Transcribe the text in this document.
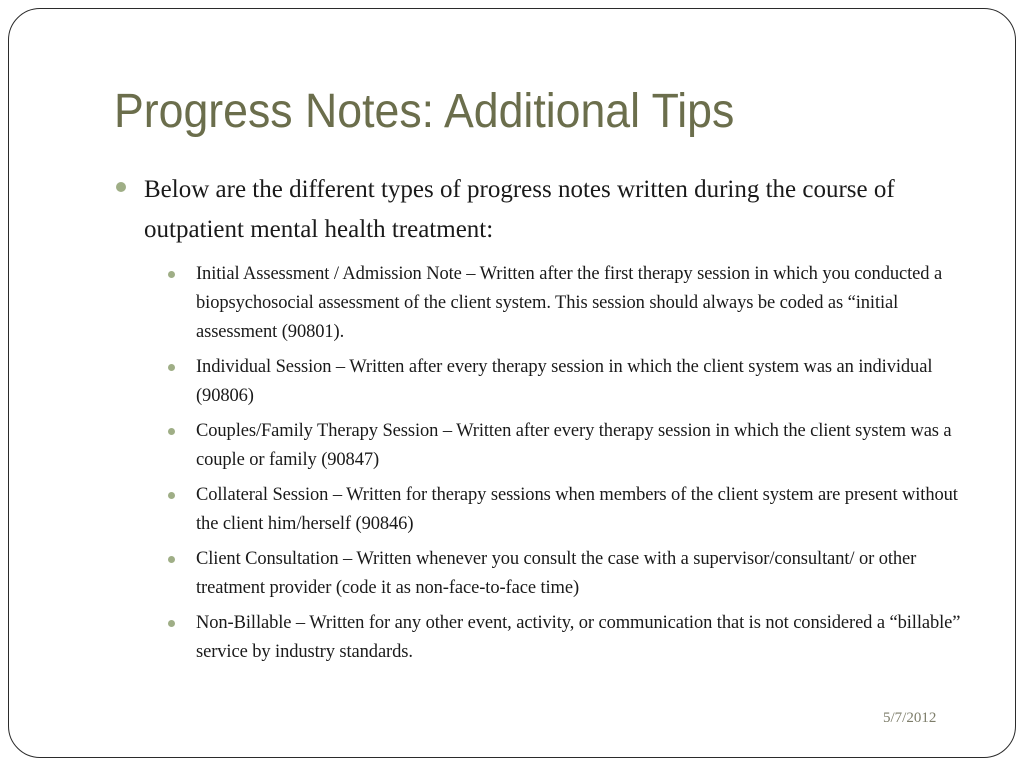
Progress Notes: Additional Tips

Below are the different types of progress notes written during the course of outpatient mental health treatment:

Initial Assessment / Admission Note – Written after the first therapy session in which you conducted a biopsychosocial assessment of the client system. This session should always be coded as “initial assessment (90801).
Individual Session – Written after every therapy session in which the client system was an individual (90806)
Couples/Family Therapy Session – Written after every therapy session in which the client system was a couple or family (90847)
Collateral Session – Written for therapy sessions when members of the client system are present without the client him/herself (90846)
Client Consultation – Written whenever you consult the case with a supervisor/consultant/ or other treatment provider (code it as non-face-to-face time)
Non-Billable – Written for any other event, activity, or communication that is not considered a “billable” service by industry standards.
5/7/2012
